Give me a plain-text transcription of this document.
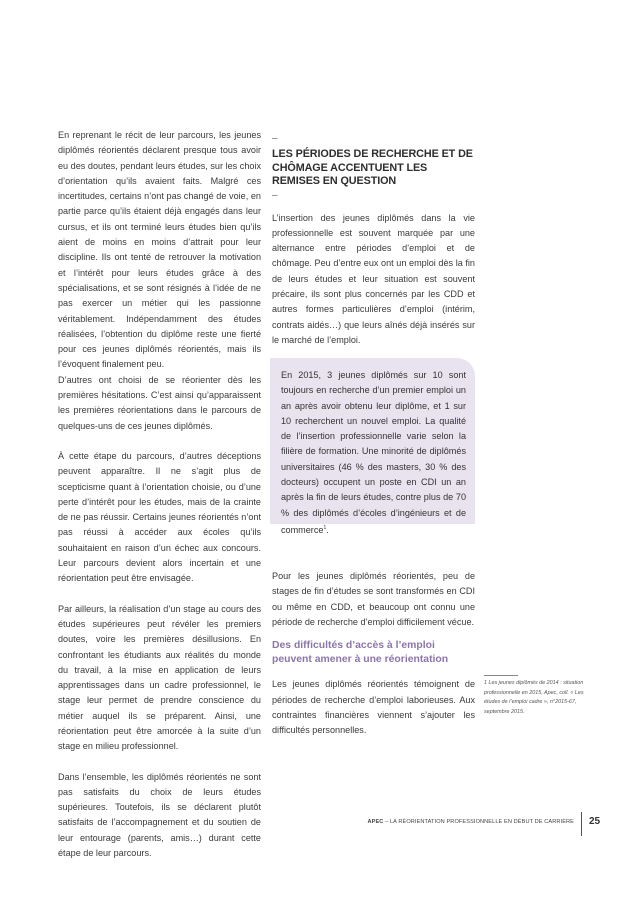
En reprenant le récit de leur parcours, les jeunes diplômés réorientés déclarent presque tous avoir eu des doutes, pendant leurs études, sur les choix d’orientation qu’ils avaient faits. Malgré ces incertitudes, certains n’ont pas changé de voie, en partie parce qu’ils étaient déjà engagés dans leur cursus, et ils ont terminé leurs études bien qu’ils aient de moins en moins d’attrait pour leur discipline. Ils ont tenté de retrouver la motivation et l’intérêt pour leurs études grâce à des spécialisations, et se sont résignés à l’idée de ne pas exercer un métier qui les passionne véritablement. Indépendamment des études réalisées, l’obtention du diplôme reste une fierté pour ces jeunes diplômés réorientés, mais ils l’évoquent finalement peu.

D’autres ont choisi de se réorienter dès les premières hésitations. C’est ainsi qu’apparaissent les premières réorientations dans le parcours de quelques-uns de ces jeunes diplômés.

À cette étape du parcours, d’autres déceptions peuvent apparaître. Il ne s’agit plus de scepticisme quant à l’orientation choisie, ou d’une perte d’intérêt pour les études, mais de la crainte de ne pas réussir. Certains jeunes réorientés n’ont pas réussi à accéder aux écoles qu’ils souhaitaient en raison d’un échec aux concours. Leur parcours devient alors incertain et une réorientation peut être envisagée.

Par ailleurs, la réalisation d’un stage au cours des études supérieures peut révéler les premiers doutes, voire les premières désillusions. En confrontant les étudiants aux réalités du monde du travail, à la mise en application de leurs apprentissages dans un cadre professionnel, le stage leur permet de prendre conscience du métier auquel ils se préparent. Ainsi, une réorientation peut être amorcée à la suite d’un stage en milieu professionnel.

Dans l’ensemble, les diplômés réorientés ne sont pas satisfaits du choix de leurs études supérieures. Toutefois, ils se déclarent plutôt satisfaits de l’accompagnement et du soutien de leur entourage (parents, amis…) durant cette étape de leur parcours.

–
LES PÉRIODES DE RECHERCHE ET DE CHÔMAGE ACCENTUENT LES REMISES EN QUESTION
–

L’insertion des jeunes diplômés dans la vie professionnelle est souvent marquée par une alternance entre périodes d’emploi et de chômage. Peu d’entre eux ont un emploi dès la fin de leurs études et leur situation est souvent précaire, ils sont plus concernés par les CDD et autres formes particulières d’emploi (intérim, contrats aidés…) que leurs aînés déjà insérés sur le marché de l’emploi.

En 2015, 3 jeunes diplômés sur 10 sont toujours en recherche d’un premier emploi un an après avoir obtenu leur diplôme, et 1 sur 10 recherchent un nouvel emploi. La qualité de l’insertion professionnelle varie selon la filière de formation. Une minorité de diplômés universitaires (46 % des masters, 30 % des docteurs) occupent un poste en CDI un an après la fin de leurs études, contre plus de 70 % des diplômés d’écoles d’ingénieurs et de commerce$^1$.

Pour les jeunes diplômés réorientés, peu de stages de fin d’études se sont transformés en CDI ou même en CDD, et beaucoup ont connu une période de recherche d’emploi difficilement vécue.

Des difficultés d’accès à l’emploi peuvent amener à une réorientation

Les jeunes diplômés réorientés témoignent de périodes de recherche d’emploi laborieuses. Aux contraintes financières viennent s’ajouter les difficultés personnelles.

1 Les jeunes diplômés de 2014 : situation professionnelle en 2015, Apec, coll. « Les études de l’emploi cadre », n°2015-67, septembre 2015.
APEC – LA RÉORIENTATION PROFESSIONNELLE EN DÉBUT DE CARRIÈRE 25
